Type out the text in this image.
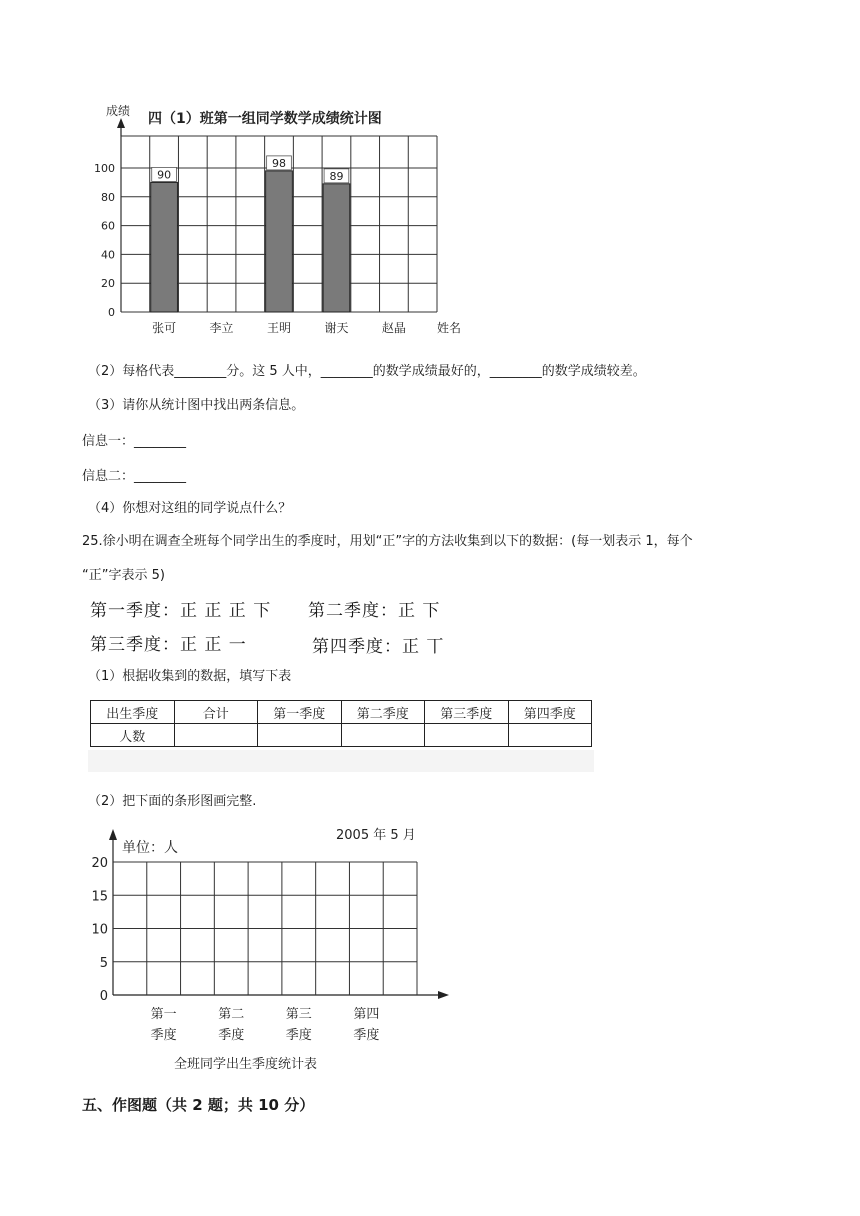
成绩 四（1）班第一组同学数学成绩统计图
90
98
89
0
20
40
60
80
100
张可	李立	王明	谢天	赵晶	姓名
（2）每格代表________分。这 5 人中，________的数学成绩最好的，________的数学成绩较差。
（3）请你从统计图中找出两条信息。
信息一：________
信息二：________
（4）你想对这组的同学说点什么？
25.徐小明在调查全班每个同学出生的季度时，用划“正”字的方法收集到以下的数据：(每一划表示 1，每个
“正”字表示 5)
第一季度：正 正 正 下 第二季度：正 下
第三季度：正 正 一	第四季度：正 丅
（1）根据收集到的数据，填写下表
出生季度	合计	第一季度	第二季度	第三季度	第四季度
人数					
（2）把下面的条形图画完整.
2005 年 5 月
单位：人
0
5
10
15
20
第一
季度
第二
季度
第三
季度
第四
季度
全班同学出生季度统计表
五、作图题（共 2 题；共 10 分）
